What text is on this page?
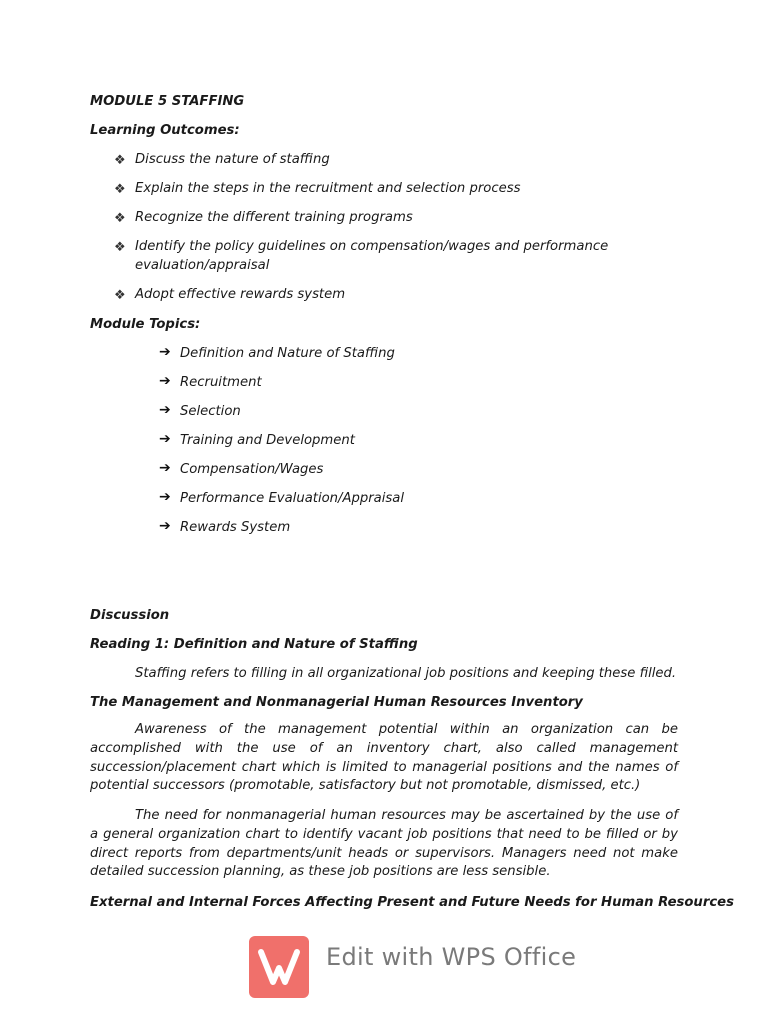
MODULE 5 STAFFING
Learning Outcomes:
❖ Discuss the nature of staffing
❖ Explain the steps in the recruitment and selection process
❖ Recognize the different training programs
❖ Identify the policy guidelines on compensation/wages and performance
evaluation/appraisal
❖ Adopt effective rewards system
Module Topics:
➔ Definition and Nature of Staffing
➔ Recruitment
➔ Selection
➔ Training and Development
➔ Compensation/Wages
➔ Performance Evaluation/Appraisal
➔ Rewards System
Discussion
Reading 1: Definition and Nature of Staffing
Staffing refers to filling in all organizational job positions and keeping these filled.
The Management and Nonmanagerial Human Resources Inventory
Awareness of the management potential within an organization can be accomplished with the use of an inventory chart, also called management succession/placement chart which is limited to managerial positions and the names of potential successors (promotable, satisfactory but not promotable, dismissed, etc.)
The need for nonmanagerial human resources may be ascertained by the use of a general organization chart to identify vacant job positions that need to be filled or by direct reports from departments/unit heads or supervisors. Managers need not make detailed succession planning, as these job positions are less sensible.
External and Internal Forces Affecting Present and Future Needs for Human Resources
Edit with WPS Office
